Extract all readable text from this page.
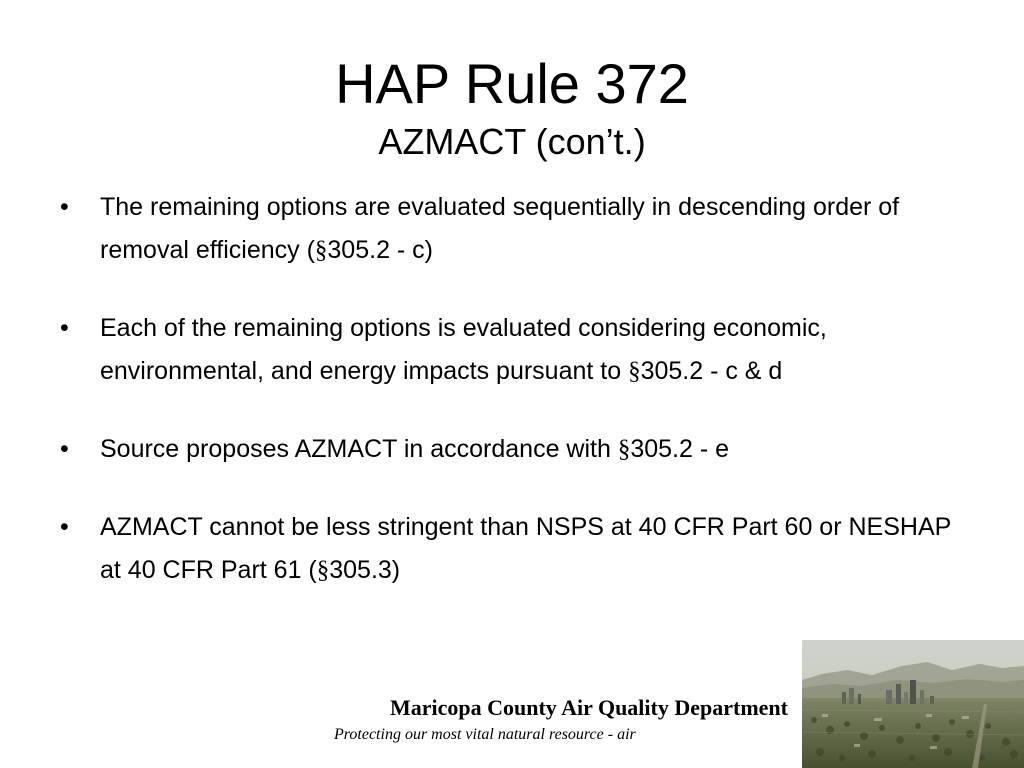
HAP Rule 372
AZMACT (con’t.)
• The remaining options are evaluated sequentially in descending order of removal efficiency (§305.2 - c)
• Each of the remaining options is evaluated considering economic, environmental, and energy impacts pursuant to §305.2 - c & d
• Source proposes AZMACT in accordance with §305.2 - e
• AZMACT cannot be less stringent than NSPS at 40 CFR Part 60 or NESHAP at 40 CFR Part 61 (§305.3)
Maricopa County Air Quality Department
Protecting our most vital natural resource - air
